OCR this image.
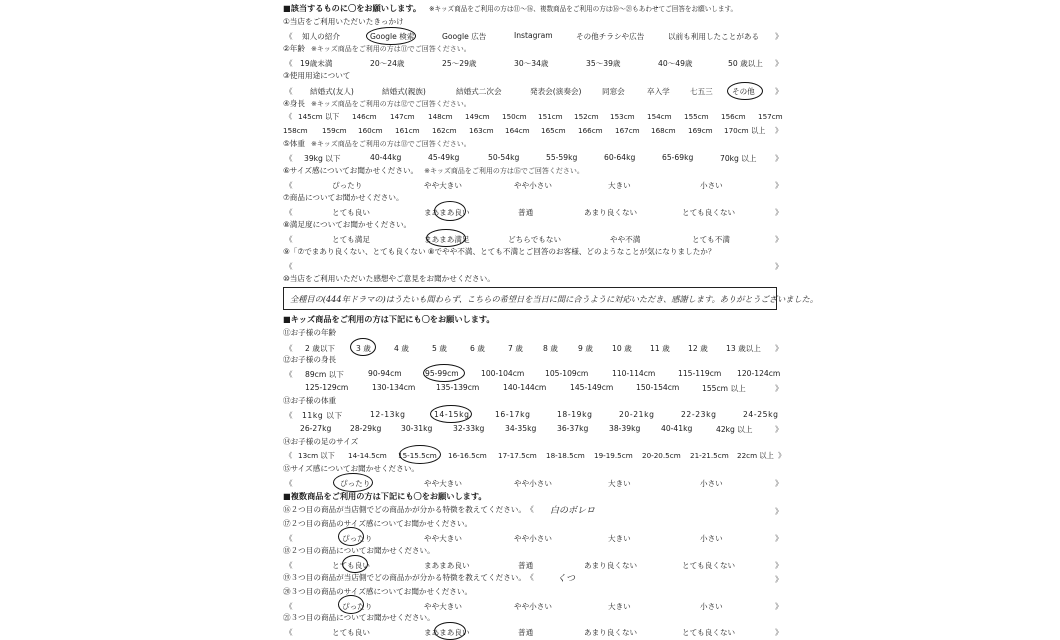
■該当するものに〇をお願いします。 ※キッズ商品をご利用の方は⑪～⑯、複数商品をご利用の方は⑯～㉑もあわせてご回答をお願いします。
①当店をご利用いただいたきっかけ
《 知人の紹介	Google 検索	Google 広告	Instagram	その他チラシや広告	以前も利用したことがある 》
②年齢 ※キッズ商品をご利用の方は⑪でご回答ください。
《 19歳未満	20～24歳	25～29歳	30～34歳	35～39歳	40～49歳	50 歳以上 》
③使用用途について
《 結婚式(友人)	結婚式(親族)	結婚式二次会	発表会(演奏会)	同窓会	卒入学	七五三	その他	》
④身長 ※キッズ商品をご利用の方は⑫でご回答ください。
《 145cm 以下 146cm 147cm 148cm 149cm 150cm 151cm 152cm 153cm 154cm 155cm 156cm 157cm
158cm 159cm 160cm 161cm 162cm 163cm 164cm 165cm 166cm 167cm 168cm 169cm 170cm 以上 》
⑤体重 ※キッズ商品をご利用の方は⑬でご回答ください。
《 39kg 以下	40-44kg	45-49kg	50-54kg	55-59kg	60-64kg	65-69kg	70kg 以上 》
⑥サイズ感についてお聞かせください。 ※キッズ商品をご利用の方は⑮でご回答ください。
《	ぴったり	やや大きい	やや小さい	大きい	小さい	》
⑦商品についてお聞かせください。
《	とても良い	まあまあ良い	普通	あまり良くない	とても良くない	》
⑧満足度についてお聞かせください。
《	とても満足	まあまあ満足	どちらでもない	やや不満	とても不満	》
⑨「⑦でまあり良くない、とても良くない ⑧でやや不満、とても不満とご回答のお客様、どのようなことが気になりましたか？
《	》
⑩当店をご利用いただいた感想やご意見をお聞かせください。
全種目の(444年ドラマの)はうたいも間わらず、こちらの希望日を当日に間に合うように対応いただき、感謝します。ありがとうございました。
■キッズ商品をご利用の方は下記にも〇をお願いします。
⑪お子様の年齢
《 2 歳以下	3 歳	4 歳	5 歳	6 歳	7 歳	8 歳	9 歳	10 歳 11 歳 12 歳 13 歳以上 》
⑫お子様の身長
《 89cm 以下	90-94cm	95-99cm	100-104cm	105-109cm	110-114cm	115-119cm 120-124cm
125-129cm	130-134cm	135-139cm	140-144cm	145-149cm	150-154cm	155cm 以上	》
⑬お子様の体重
《 11kg 以下	12-13kg	14-15kg	16-17kg	18-19kg	20-21kg	22-23kg	24-25kg
26-27kg 28-29kg	30-31kg	32-33kg	34-35kg	36-37kg	38-39kg	40-41kg	42kg 以上	》
⑭お子様の足のサイズ
《 13cm 以下 14-14.5cm 15-15.5cm 16-16.5cm 17-17.5cm 18-18.5cm 19-19.5cm 20-20.5cm 21-21.5cm 22cm 以上 》
⑮サイズ感についてお聞かせください。
《	ぴったり	やや大きい	やや小さい	大きい	小さい	》
■複数商品をご利用の方は下記にも〇をお願いします。
⑯２つ目の商品が当店側でどの商品かが分かる特徴を教えてください。 《 白のボレロ	》
⑰２つ目の商品のサイズ感についてお聞かせください。
《	ぴったり	やや大きい	やや小さい	大きい	小さい	》
⑱２つ目の商品についてお聞かせください。
《	とても良い	まあまあ良い	普通	あまり良くない	とても良くない	》
⑲３つ目の商品が当店側でどの商品かが分かる特徴を教えてください。 《	くつ	》
⑳３つ目の商品のサイズ感についてお聞かせください。
《	ぴったり	やや大きい	やや小さい	大きい	小さい	》
㉑３つ目の商品についてお聞かせください。
《	とても良い	まあまあ良い	普通	あまり良くない	とても良くない	》
